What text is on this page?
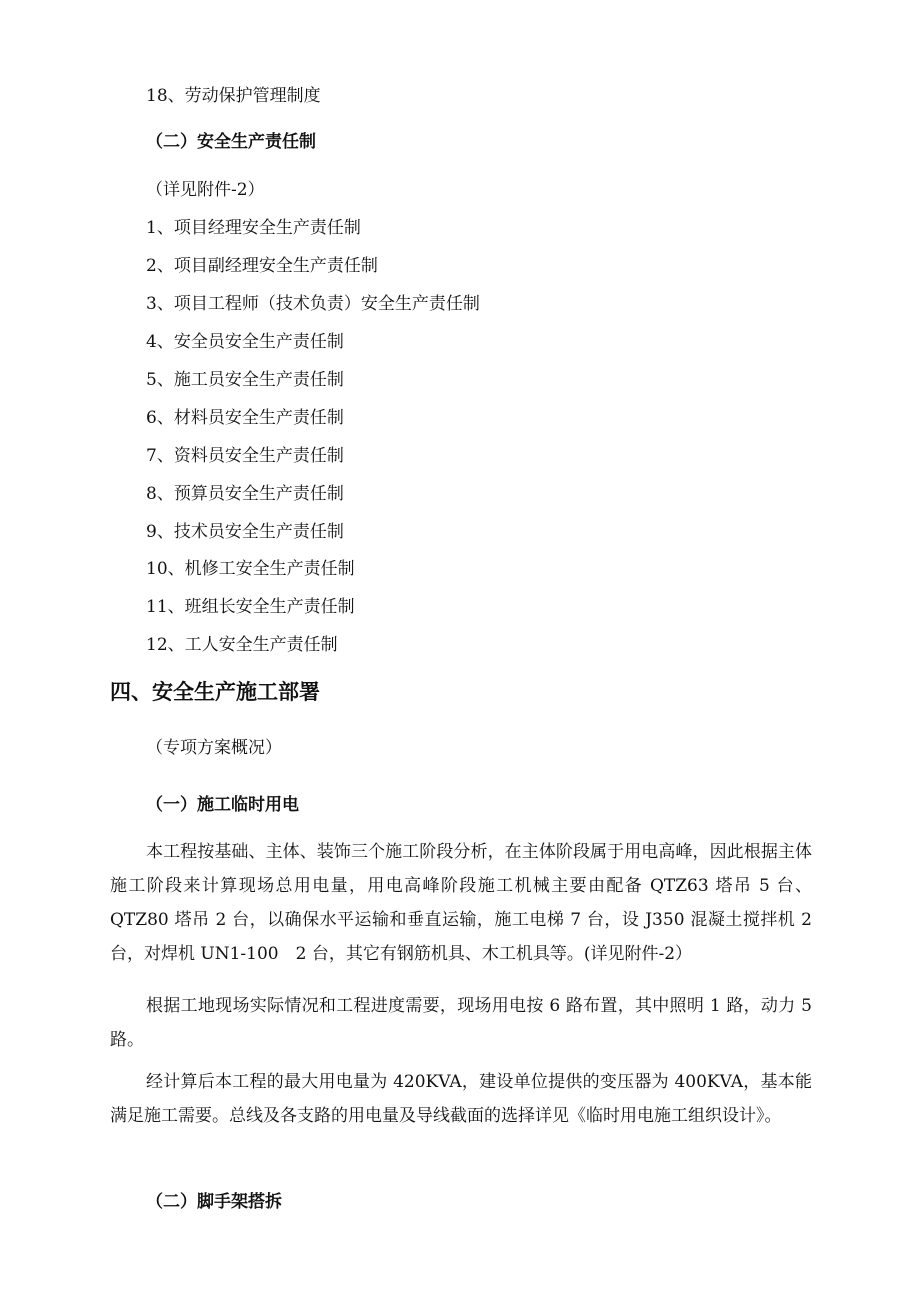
18、劳动保护管理制度
（二）安全生产责任制
（详见附件-2）
1、项目经理安全生产责任制
2、项目副经理安全生产责任制
3、项目工程师（技术负责）安全生产责任制
4、安全员安全生产责任制
5、施工员安全生产责任制
6、材料员安全生产责任制
7、资料员安全生产责任制
8、预算员安全生产责任制
9、技术员安全生产责任制
10、机修工安全生产责任制
11、班组长安全生产责任制
12、工人安全生产责任制
四、安全生产施工部署
（专项方案概况）
（一）施工临时用电

本工程按基础、主体、装饰三个施工阶段分析，在主体阶段属于用电高峰，因此根据主体施工阶段来计算现场总用电量，用电高峰阶段施工机械主要由配备 QTZ63 塔吊 5 台、QTZ80 塔吊 2 台，以确保水平运输和垂直运输，施工电梯 7 台，设 J350 混凝土搅拌机 2 台，对焊机 UN1-100　2 台，其它有钢筋机具、木工机具等。(详见附件-2）

根据工地现场实际情况和工程进度需要，现场用电按 6 路布置，其中照明 1 路，动力 5 路。

经计算后本工程的最大用电量为 420KVA，建设单位提供的变压器为 400KVA，基本能满足施工需要。总线及各支路的用电量及导线截面的选择详见《临时用电施工组织设计》。

（二）脚手架搭拆
